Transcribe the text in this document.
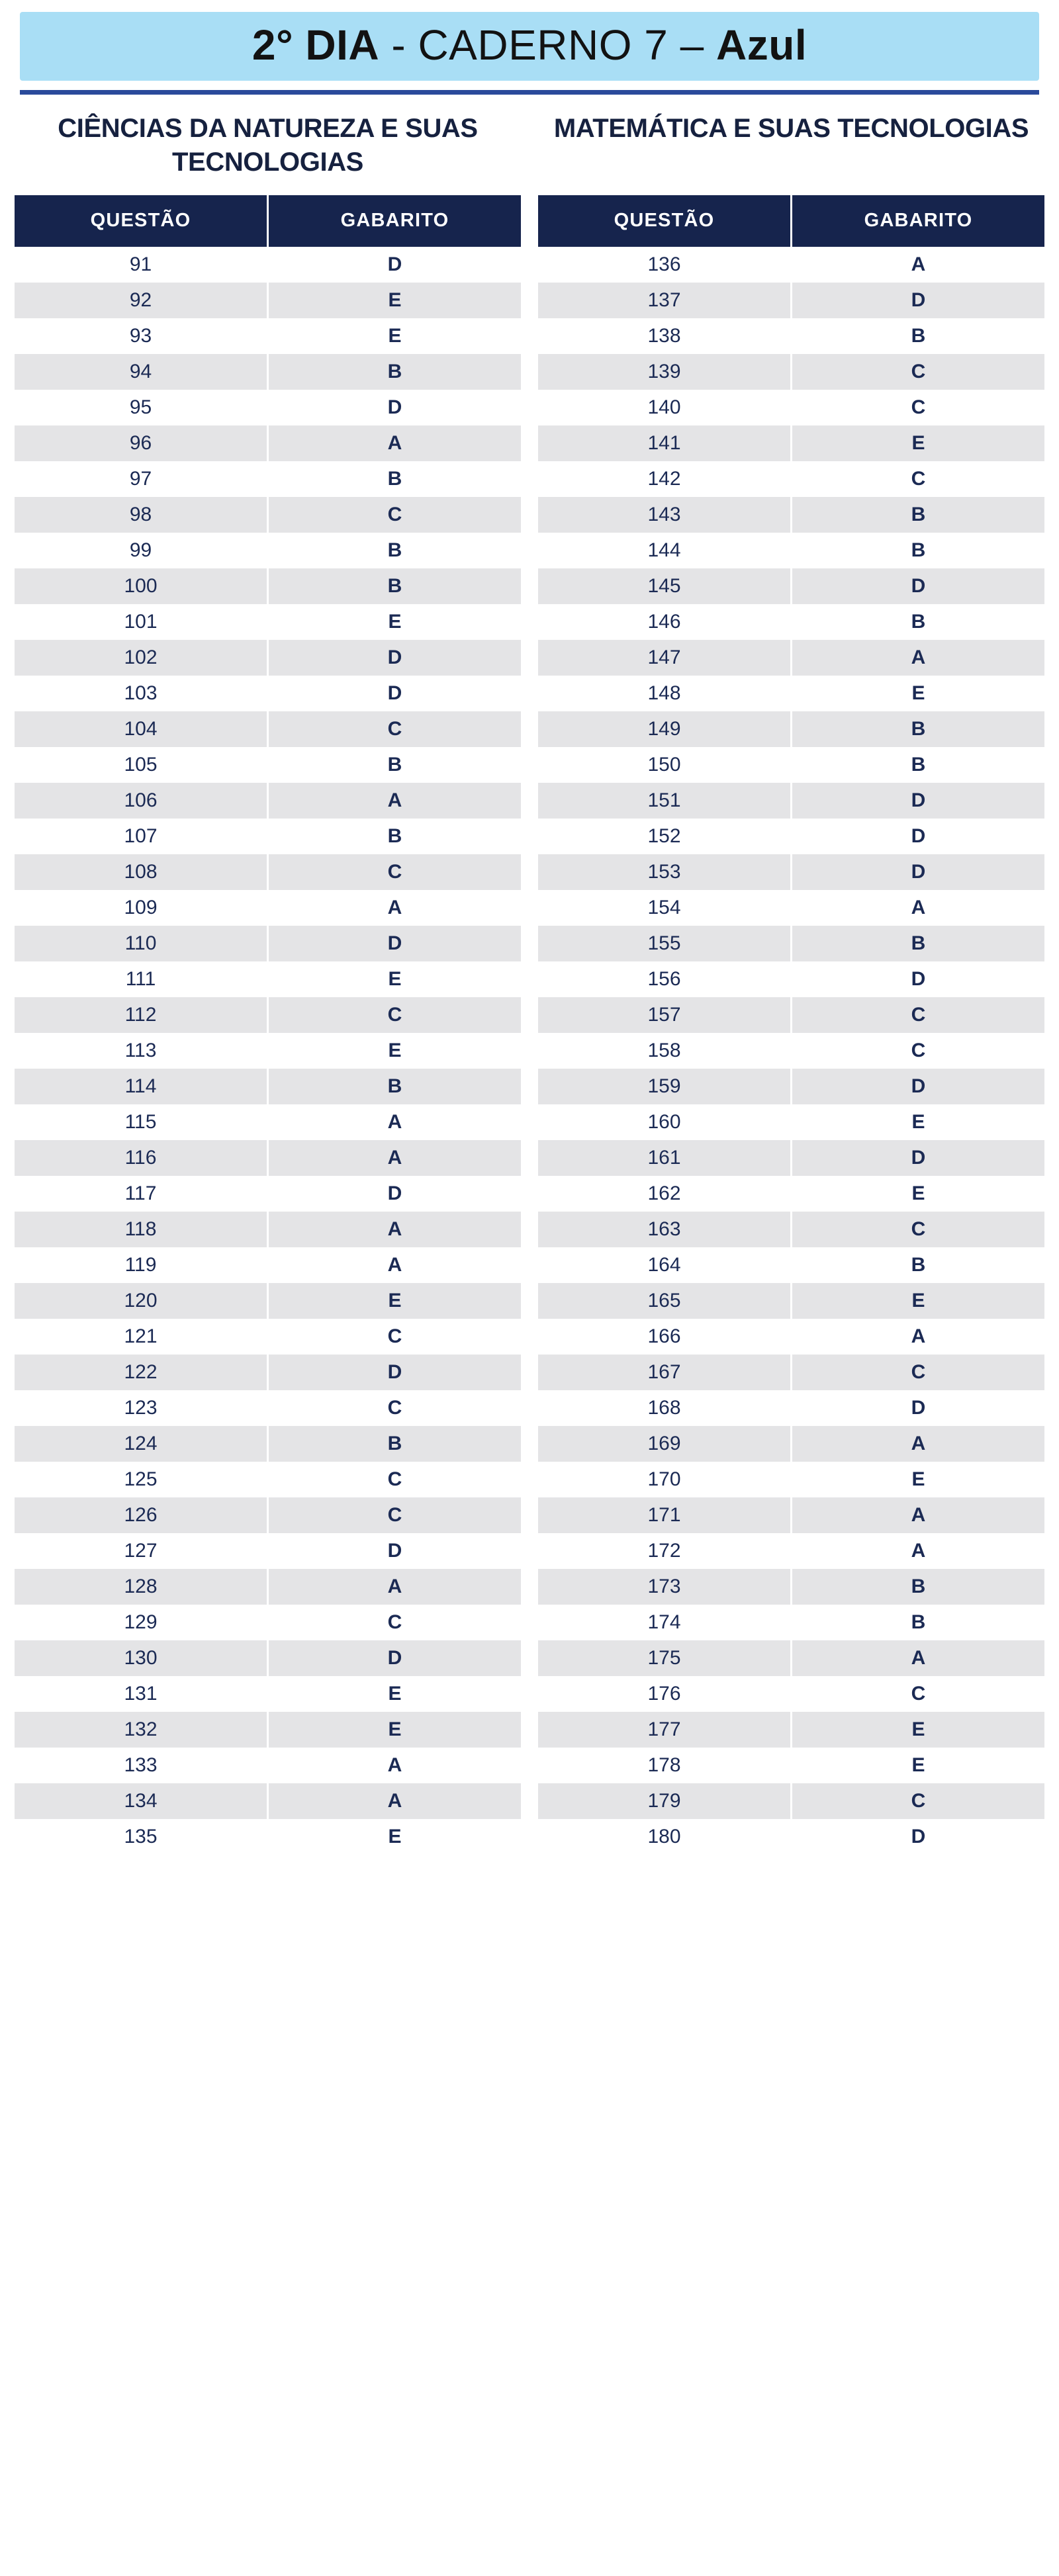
2° DIA - CADERNO 7 – Azul
CIÊNCIAS DA NATUREZA E SUAS TECNOLOGIAS
QUESTÃO	GABARITO
91	D
92	E
93	E
94	B
95	D
96	A
97	B
98	C
99	B
100	B
101	E
102	D
103	D
104	C
105	B
106	A
107	B
108	C
109	A
110	D
111	E
112	C
113	E
114	B
115	A
116	A
117	D
118	A
119	A
120	E
121	C
122	D
123	C
124	B
125	C
126	C
127	D
128	A
129	C
130	D
131	E
132	E
133	A
134	A
135	E
MATEMÁTICA E SUAS TECNOLOGIAS
QUESTÃO	GABARITO
136	A
137	D
138	B
139	C
140	C
141	E
142	C
143	B
144	B
145	D
146	B
147	A
148	E
149	B
150	B
151	D
152	D
153	D
154	A
155	B
156	D
157	C
158	C
159	D
160	E
161	D
162	E
163	C
164	B
165	E
166	A
167	C
168	D
169	A
170	E
171	A
172	A
173	B
174	B
175	A
176	C
177	E
178	E
179	C
180	D
